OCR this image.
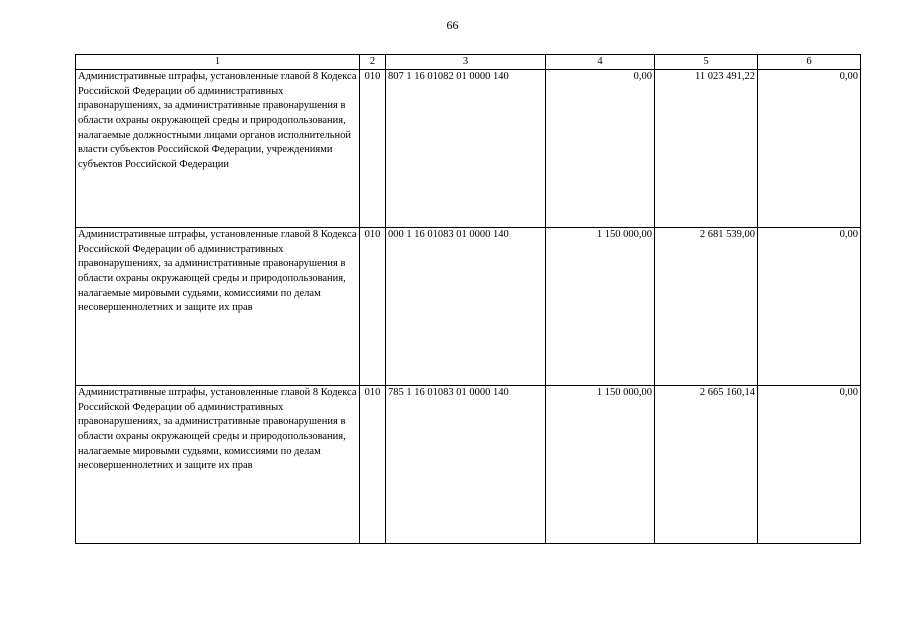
66
1	2	3	4	5	6
Административные штрафы, установленные главой 8 Кодекса Российской Федерации об административных правонарушениях, за административные правонарушения в области охраны окружающей среды и природопользования, налагаемые должностными лицами органов исполнительной власти субъектов Российской Федерации, учреждениями субъектов Российской Федерации	010	807 1 16 01082 01 0000 140	0,00	11 023 491,22	0,00
Административные штрафы, установленные главой 8 Кодекса Российской Федерации об административных правонарушениях, за административные правонарушения в области охраны окружающей среды и природопользования, налагаемые мировыми судьями, комиссиями по делам несовершеннолетних и защите их прав	010	000 1 16 01083 01 0000 140	1 150 000,00	2 681 539,00	0,00
Административные штрафы, установленные главой 8 Кодекса Российской Федерации об административных правонарушениях, за административные правонарушения в области охраны окружающей среды и природопользования, налагаемые мировыми судьями, комиссиями по делам несовершеннолетних и защите их прав	010	785 1 16 01083 01 0000 140	1 150 000,00	2 665 160,14	0,00
